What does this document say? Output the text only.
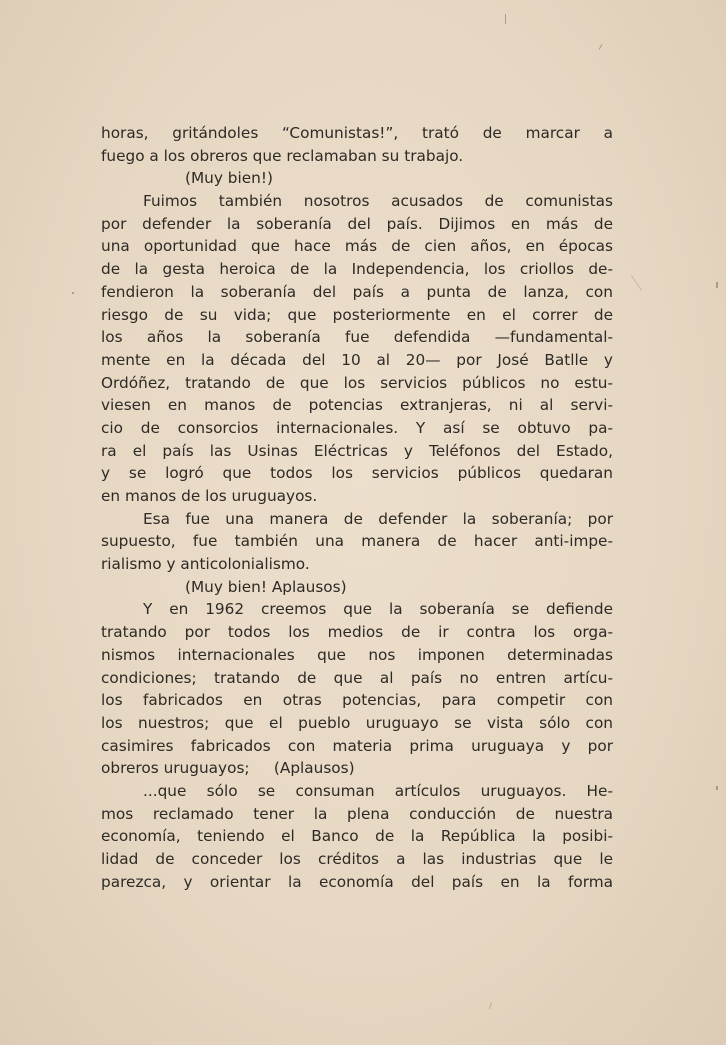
horas, gritándoles “Comunistas!”, trató de marcar a
fuego a los obreros que reclamaban su trabajo.
(Muy bien!)
Fuimos también nosotros acusados de comunistas
por defender la soberanía del país. Dijimos en más de
una oportunidad que hace más de cien años, en épocas
de la gesta heroica de la Independencia, los criollos de-
fendieron la soberanía del país a punta de lanza, con
riesgo de su vida; que posteriormente en el correr de
los años la soberanía fue defendida —fundamental-
mente en la década del 10 al 20— por José Batlle y
Ordóñez, tratando de que los servicios públicos no estu-
viesen en manos de potencias extranjeras, ni al servi-
cio de consorcios internacionales. Y así se obtuvo pa-
ra el país las Usinas Eléctricas y Teléfonos del Estado,
y se logró que todos los servicios públicos quedaran
en manos de los uruguayos.
Esa fue una manera de defender la soberanía; por
supuesto, fue también una manera de hacer anti-impe-
rialismo y anticolonialismo.
(Muy bien! Aplausos)
Y en 1962 creemos que la soberanía se defiende
tratando por todos los medios de ir contra los orga-
nismos internacionales que nos imponen determinadas
condiciones; tratando de que al país no entren artícu-
los fabricados en otras potencias, para competir con
los nuestros; que el pueblo uruguayo se vista sólo con
casimires fabricados con materia prima uruguaya y por
obreros uruguayos;     (Aplausos)
...que sólo se consuman artículos uruguayos. He-
mos reclamado tener la plena conducción de nuestra
economía, teniendo el Banco de la República la posibi-
lidad de conceder los créditos a las industrias que le
parezca, y orientar la economía del país en la forma
